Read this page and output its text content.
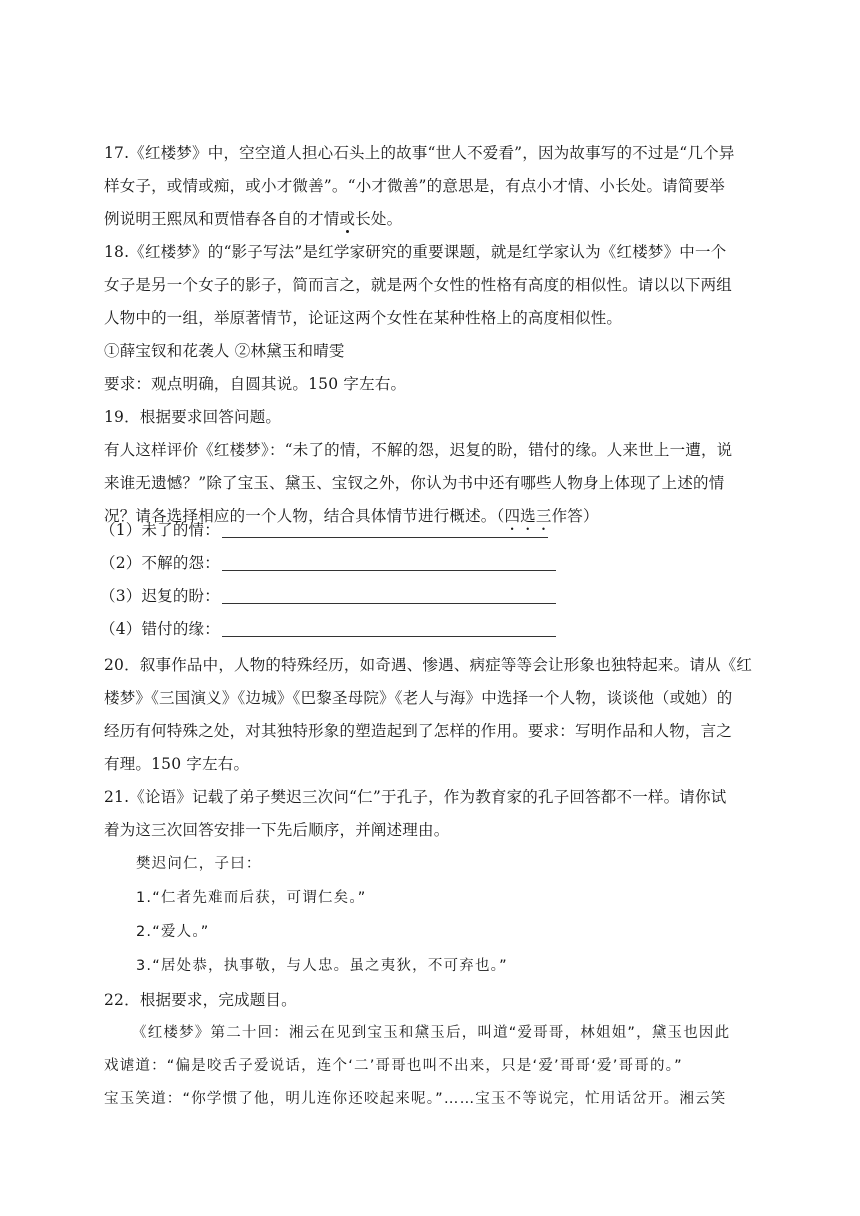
17.《红楼梦》中，空空道人担心石头上的故事“世人不爱看”，因为故事写的不过是“几个异
样女子，或情或痴，或小才微善”。“小才微善”的意思是，有点小才情、小长处。请简要举
例说明王熙凤和贾惜春各自的才情或长处。
18.《红楼梦》的“影子写法”是红学家研究的重要课题，就是红学家认为《红楼梦》中一个
女子是另一个女子的影子，简而言之，就是两个女性的性格有高度的相似性。请以以下两组
人物中的一组，举原著情节，论证这两个女性在某种性格上的高度相似性。
①薛宝钗和花袭人 ②林黛玉和晴雯
要求：观点明确，自圆其说。150 字左右。
19．根据要求回答问题。
有人这样评价《红楼梦》：“未了的情，不解的怨，迟复的盼，错付的缘。人来世上一遭，说
来谁无遗憾？”除了宝玉、黛玉、宝钗之外，你认为书中还有哪些人物身上体现了上述的情
况？请各选择相应的一个人物，结合具体情节进行概述。（四选三作答）
（1）未了的情：
（2）不解的怨：
（3）迟复的盼：
（4）错付的缘：
20．叙事作品中，人物的特殊经历，如奇遇、惨遇、病症等等会让形象也独特起来。请从《红
楼梦》《三国演义》《边城》《巴黎圣母院》《老人与海》中选择一个人物，谈谈他（或她）的
经历有何特殊之处，对其独特形象的塑造起到了怎样的作用。要求：写明作品和人物，言之
有理。150 字左右。
21.《论语》记载了弟子樊迟三次问“仁”于孔子，作为教育家的孔子回答都不一样。请你试
着为这三次回答安排一下先后顺序，并阐述理由。
樊迟问仁，子曰：
1.“仁者先难而后获，可谓仁矣。”
2.“爱人。”
3.“居处恭，执事敬，与人忠。虽之夷狄，不可弃也。”
22．根据要求，完成题目。
《红楼梦》第二十回：湘云在见到宝玉和黛玉后，叫道“爱哥哥，林姐姐”，黛玉也因此
戏谑道：“偏是咬舌子爱说话，连个‘二’哥哥也叫不出来，只是‘爱’哥哥‘爱’哥哥的。”
宝玉笑道：“你学惯了他，明儿连你还咬起来呢。”……宝玉不等说完，忙用话岔开。湘云笑
